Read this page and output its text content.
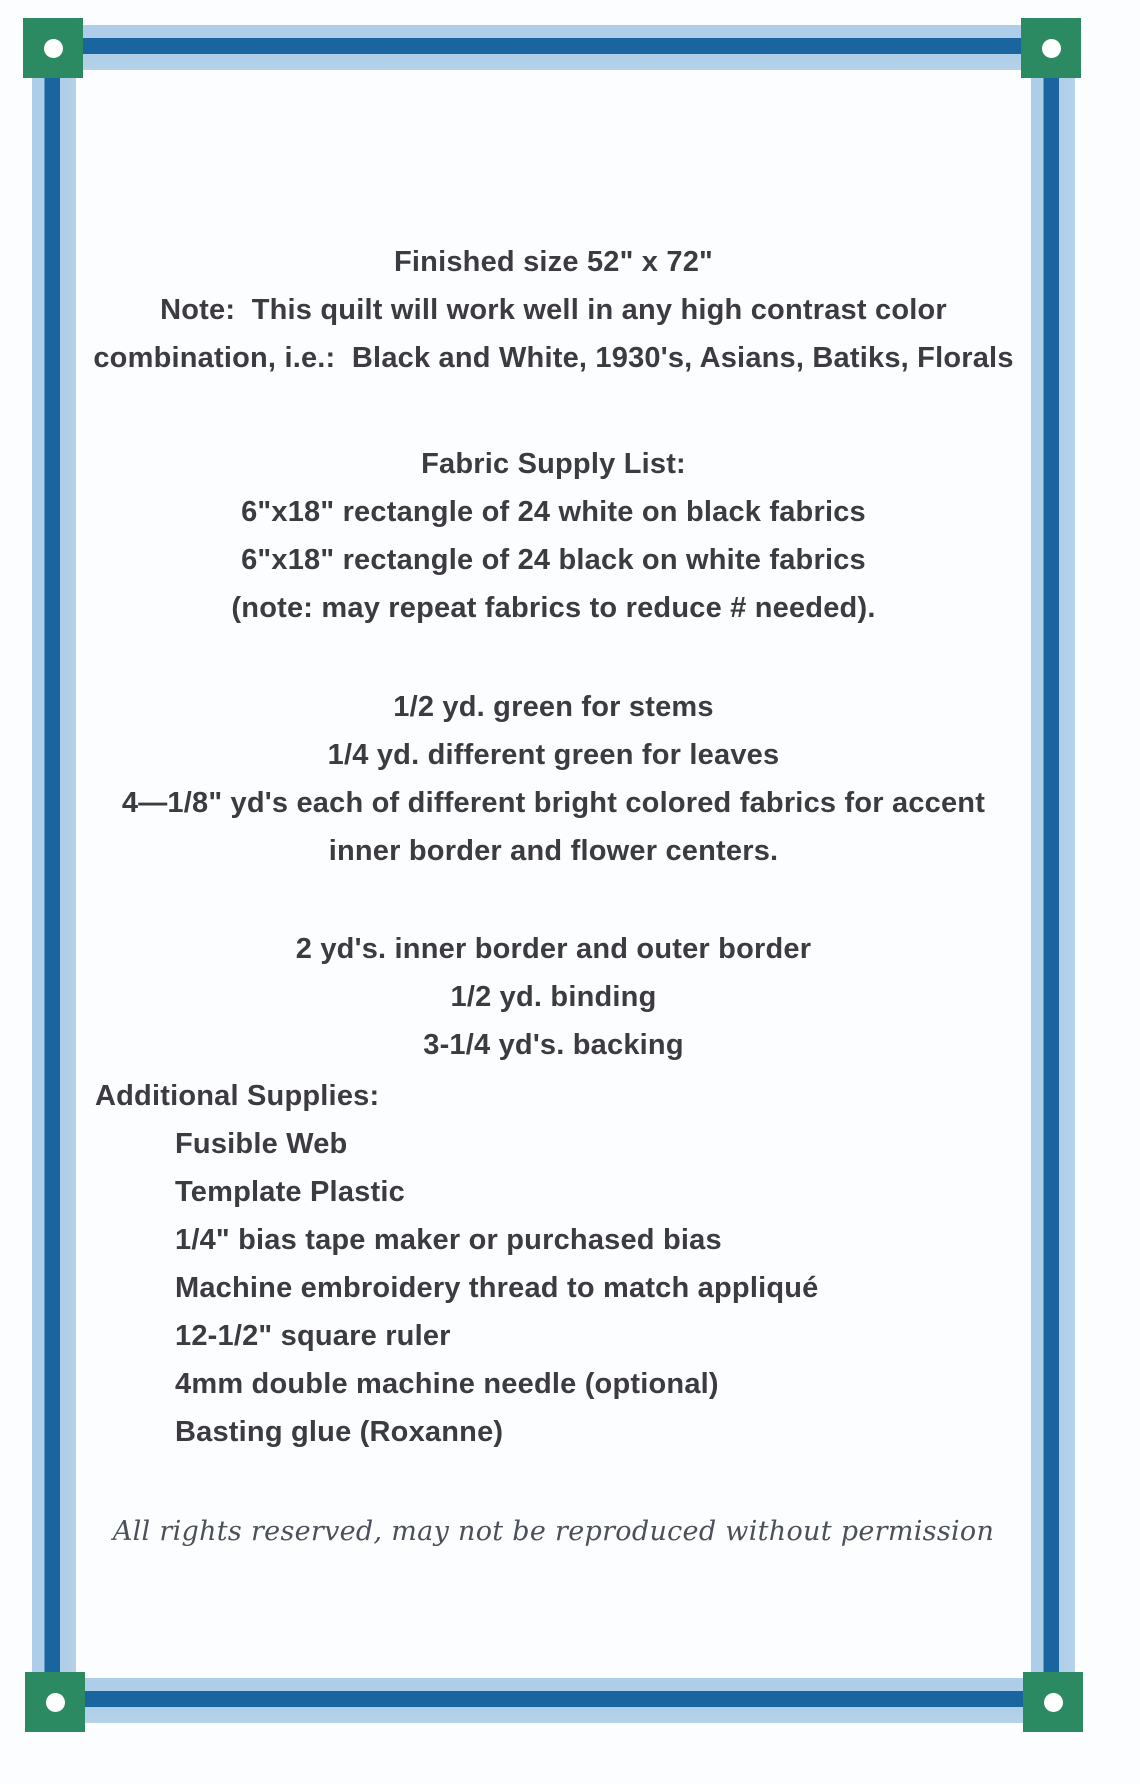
Finished size 52" x 72"
Note:  This quilt will work well in any high contrast color
combination, i.e.:  Black and White, 1930's, Asians, Batiks, Florals
Fabric Supply List:
6"x18" rectangle of 24 white on black fabrics
6"x18" rectangle of 24 black on white fabrics
(note: may repeat fabrics to reduce # needed).
1/2 yd. green for stems
1/4 yd. different green for leaves
4—1/8" yd's each of different bright colored fabrics for accent
inner border and flower centers.
2 yd's. inner border and outer border
1/2 yd. binding
3-1/4 yd's. backing
Additional Supplies:
Fusible Web
Template Plastic
1/4" bias tape maker or purchased bias
Machine embroidery thread to match appliqué
12-1/2" square ruler
4mm double machine needle (optional)
Basting glue (Roxanne)
All rights reserved, may not be reproduced without permission
